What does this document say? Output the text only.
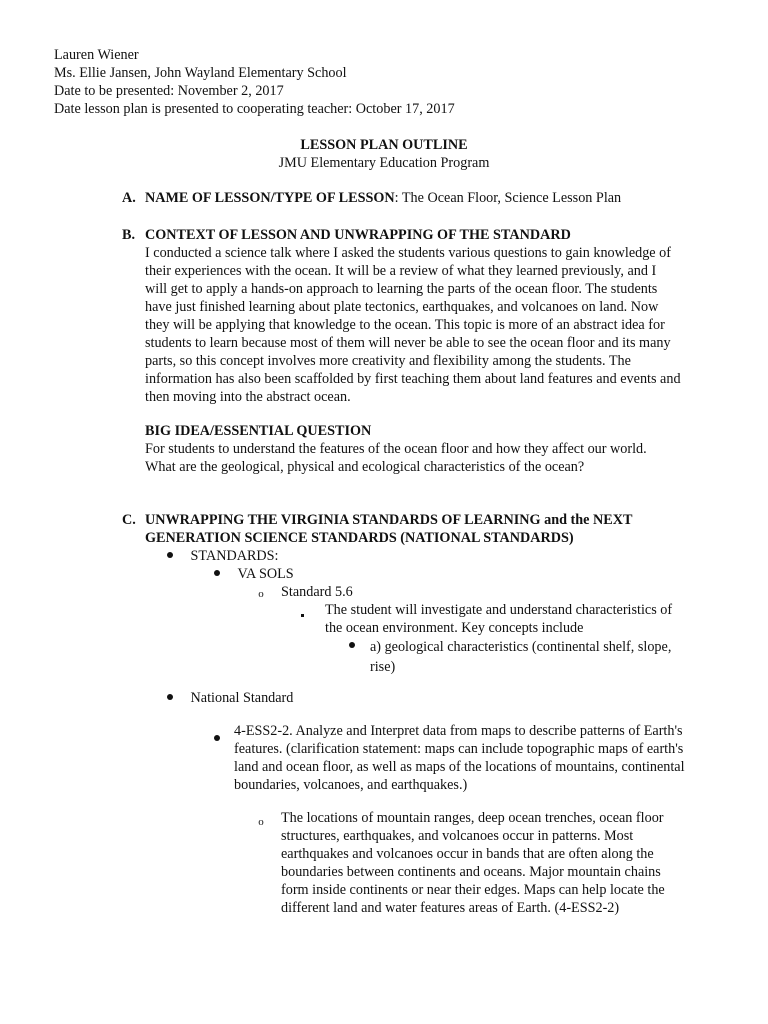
Lauren Wiener
Ms. Ellie Jansen, John Wayland Elementary School
Date to be presented: November 2, 2017
Date lesson plan is presented to cooperating teacher: October 17, 2017
LESSON PLAN OUTLINE
JMU Elementary Education Program
A. NAME OF LESSON/TYPE OF LESSON: The Ocean Floor, Science Lesson Plan
B. CONTEXT OF LESSON AND UNWRAPPING OF THE STANDARD
I conducted a science talk where I asked the students various questions to gain knowledge of
their experiences with the ocean. It will be a review of what they learned previously, and I
will get to apply a hands-on approach to learning the parts of the ocean floor. The students
have just finished learning about plate tectonics, earthquakes, and volcanoes on land. Now
they will be applying that knowledge to the ocean. This topic is more of an abstract idea for
students to learn because most of them will never be able to see the ocean floor and its many
parts, so this concept involves more creativity and flexibility among the students. The
information has also been scaffolded by first teaching them about land features and events and
then moving into the abstract ocean.
BIG IDEA/ESSENTIAL QUESTION
For students to understand the features of the ocean floor and how they affect our world.
What are the geological, physical and ecological characteristics of the ocean?
C. UNWRAPPING THE VIRGINIA STANDARDS OF LEARNING and the NEXT
GENERATION SCIENCE STANDARDS (NATIONAL STANDARDS)
STANDARDS:
VA SOLS
o Standard 5.6
The student will investigate and understand characteristics of
the ocean environment. Key concepts include
a) geological characteristics (continental shelf, slope,
rise)
National Standard
4-ESS2-2. Analyze and Interpret data from maps to describe patterns of Earth's
features. (clarification statement: maps can include topographic maps of earth's
land and ocean floor, as well as maps of the locations of mountains, continental
boundaries, volcanoes, and earthquakes.)
o The locations of mountain ranges, deep ocean trenches, ocean floor
structures, earthquakes, and volcanoes occur in patterns. Most
earthquakes and volcanoes occur in bands that are often along the
boundaries between continents and oceans. Major mountain chains
form inside continents or near their edges. Maps can help locate the
different land and water features areas of Earth. (4-ESS2-2)
